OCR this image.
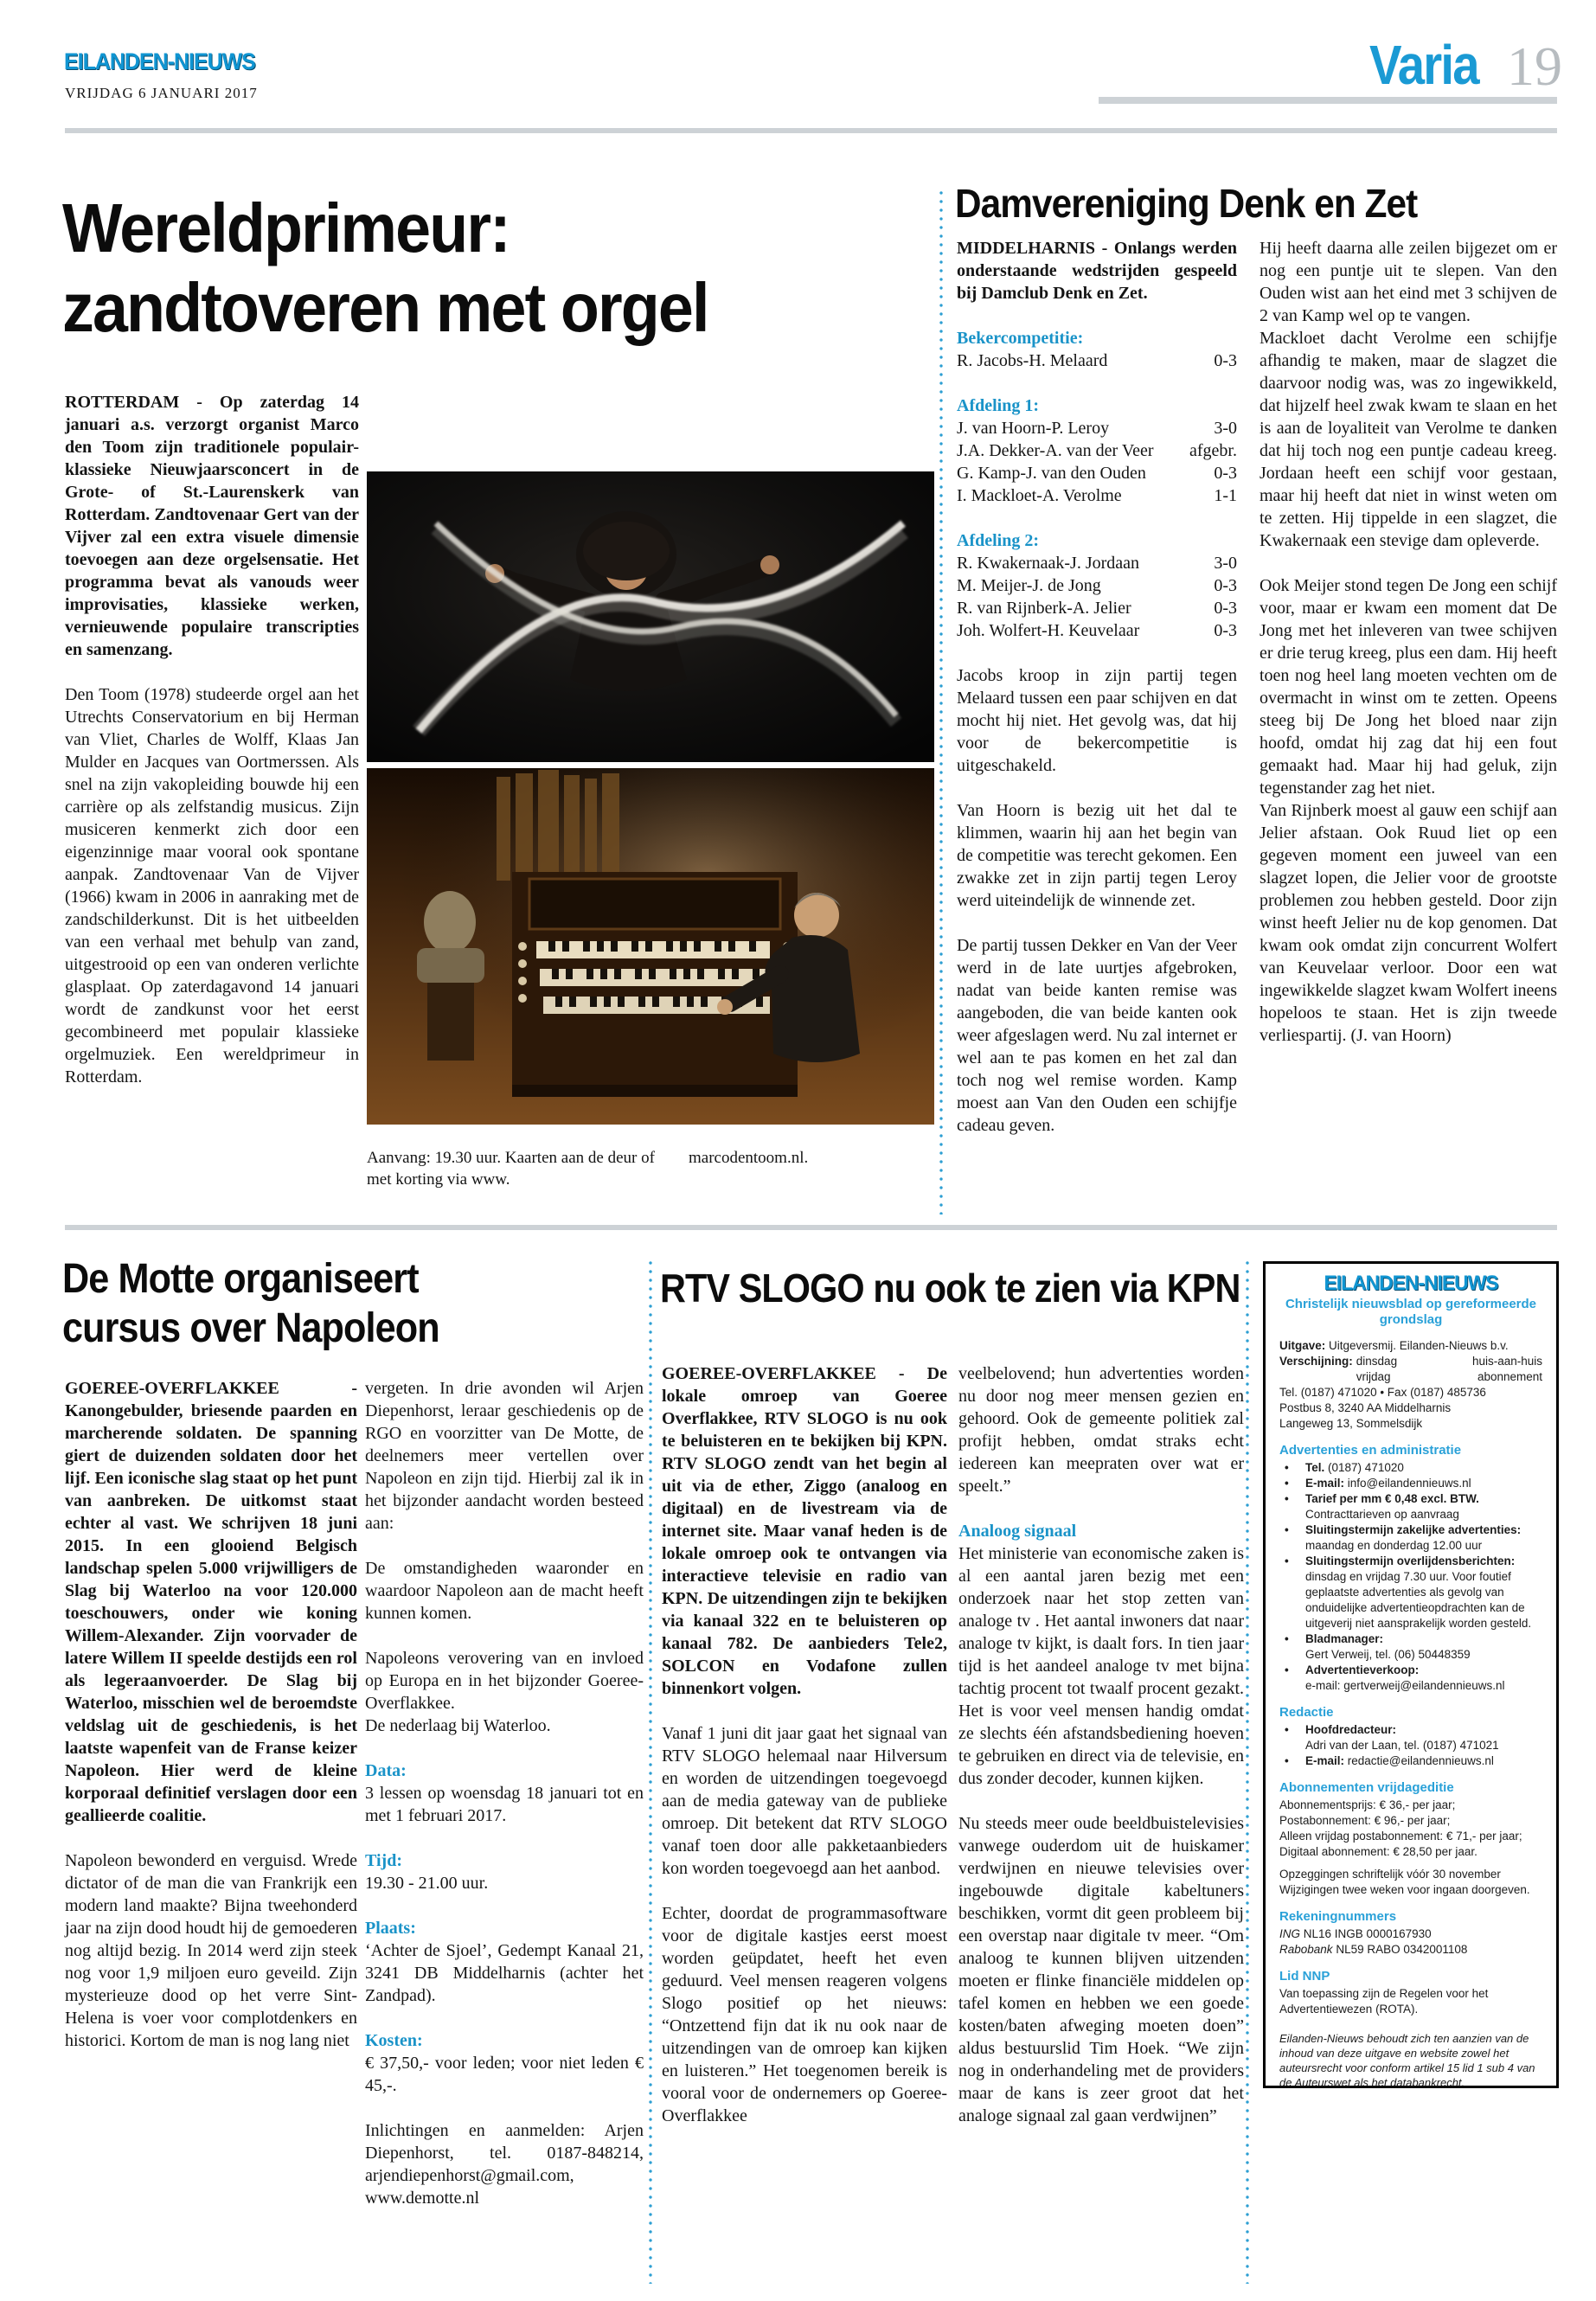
EILANDEN-NIEUWS
VRIJDAG 6 JANUARI 2017	Varia 19
Wereldprimeur:
zandtoveren met orgel

ROTTERDAM - Op zaterdag 14 januari a.s. verzorgt organist Marco den Toom zijn traditionele populair-klassieke Nieuwjaarsconcert in de Grote- of St.-Laurenskerk van Rotterdam. Zandtovenaar Gert van der Vijver zal een extra visuele dimensie toevoegen aan deze orgelsensatie. Het programma bevat als vanouds weer improvisaties, klassieke werken, vernieuwende populaire transcripties en samenzang.

Den Toom (1978) studeerde orgel aan het Utrechts Conservatorium en bij Herman van Vliet, Charles de Wolff, Klaas Jan Mulder en Jacques van Oortmerssen. Als snel na zijn vakopleiding bouwde hij een carrière op als zelfstandig musicus. Zijn musiceren kenmerkt zich door een eigenzinnige maar vooral ook spontane aanpak. Zandtovenaar Van de Vijver (1966) kwam in 2006 in aanraking met de zandschilderkunst. Dit is het uitbeelden van een verhaal met behulp van zand, uitgestrooid op een van onderen verlichte glasplaat. Op zaterdagavond 14 januari wordt de zandkunst voor het eerst gecombineerd met populair klassieke orgelmuziek. Een wereldprimeur in Rotterdam.

Aanvang: 19.30 uur. Kaarten aan de deur of met korting via www.
marcodentoom.nl.
Damvereniging Denk en Zet

MIDDELHARNIS - Onlangs werden onderstaande wedstrijden gespeeld bij Damclub Denk en Zet.

Bekercompetitie:
R. Jacobs-H. Melaard	0-3
Afdeling 1:
J. van Hoorn-P. Leroy	3-0
J.A. Dekker-A. van der Veer	afgebr.
G. Kamp-J. van den Ouden	0-3
I. Mackloet-A. Verolme	1-1
Afdeling 2:
R. Kwakernaak-J. Jordaan	3-0
M. Meijer-J. de Jong	0-3
R. van Rijnberk-A. Jelier	0-3
Joh. Wolfert-H. Keuvelaar	0-3

Jacobs kroop in zijn partij tegen Melaard tussen een paar schijven en dat mocht hij niet. Het gevolg was, dat hij voor de bekercompetitie is uitgeschakeld.

Van Hoorn is bezig uit het dal te klimmen, waarin hij aan het begin van de competitie was terecht gekomen. Een zwakke zet in zijn partij tegen Leroy werd uiteindelijk de winnende zet.

De partij tussen Dekker en Van der Veer werd in de late uurtjes afgebroken, nadat van beide kanten remise was aangeboden, die van beide kanten ook weer afgeslagen werd. Nu zal internet er wel aan te pas komen en het zal dan toch nog wel remise worden. Kamp moest aan Van den Ouden een schijfje cadeau geven.

Hij heeft daarna alle zeilen bijgezet om er nog een puntje uit te slepen. Van den Ouden wist aan het eind met 3 schijven de 2 van Kamp wel op te vangen.

Mackloet dacht Verolme een schijfje afhandig te maken, maar de slagzet die daarvoor nodig was, was zo ingewikkeld, dat hijzelf heel zwak kwam te slaan en het is aan de loyaliteit van Verolme te danken dat hij toch nog een puntje cadeau kreeg. Jordaan heeft een schijf voor gestaan, maar hij heeft dat niet in winst weten om te zetten. Hij tippelde in een slagzet, die Kwakernaak een stevige dam opleverde.

Ook Meijer stond tegen De Jong een schijf voor, maar er kwam een moment dat De Jong met het inleveren van twee schijven er drie terug kreeg, plus een dam. Hij heeft toen nog heel lang moeten vechten om de overmacht in winst om te zetten. Opeens steeg bij De Jong het bloed naar zijn hoofd, omdat hij zag dat hij een fout gemaakt had. Maar hij had geluk, zijn tegenstander zag het niet.

Van Rijnberk moest al gauw een schijf aan Jelier afstaan. Ook Ruud liet op een gegeven moment een juweel van een slagzet lopen, die Jelier voor de grootste problemen zou hebben gesteld. Door zijn winst heeft Jelier nu de kop genomen. Dat kwam ook omdat zijn concurrent Wolfert van Keuvelaar verloor. Door een wat ingewikkelde slagzet kwam Wolfert ineens hopeloos te staan. Het is zijn tweede verliespartij. (J. van Hoorn)

De Motte organiseert
cursus over Napoleon

GOEREE-OVERFLAKKEE - Kanongebulder, briesende paarden en marcherende soldaten. De spanning giert de duizenden soldaten door het lijf. Een iconische slag staat op het punt van aanbreken. De uitkomst staat echter al vast. We schrijven 18 juni 2015. In een glooiend Belgisch landschap spelen 5.000 vrijwilligers de Slag bij Waterloo na voor 120.000 toeschouwers, onder wie koning Willem-Alexander. Zijn voorvader de latere Willem II speelde destijds een rol als legeraanvoerder. De Slag bij Waterloo, misschien wel de beroemdste veldslag uit de geschiedenis, is het laatste wapenfeit van de Franse keizer Napoleon. Hier werd de kleine korporaal definitief verslagen door een geallieerde coalitie.

Napoleon bewonderd en verguisd. Wrede dictator of de man die van Frankrijk een modern land maakte? Bijna tweehonderd jaar na zijn dood houdt hij de gemoederen nog altijd bezig. In 2014 werd zijn steek nog voor 1,9 miljoen euro geveild. Zijn mysterieuze dood op het verre Sint-Helena is voer voor complotdenkers en historici. Kortom de man is nog lang niet

vergeten. In drie avonden wil Arjen Diepenhorst, leraar geschiedenis op de RGO en voorzitter van De Motte, de deelnemers meer vertellen over Napoleon en zijn tijd. Hierbij zal ik in het bijzonder aandacht worden besteed aan:

De omstandigheden waaronder en waardoor Napoleon aan de macht heeft kunnen komen.

Napoleons verovering van en invloed op Europa en in het bijzonder Goeree-Overflakkee.

De nederlaag bij Waterloo.

Data:

3 lessen op woensdag 18 januari tot en met 1 februari 2017.

Tijd:

19.30 - 21.00 uur.

Plaats:

‘Achter de Sjoel’, Gedempt Kanaal 21, 3241 DB Middelharnis (achter het Zandpad).

Kosten:

€ 37,50,- voor leden; voor niet leden € 45,-.

Inlichtingen en aanmelden: Arjen Diepenhorst, tel. 0187-848214, arjendiepenhorst@gmail.com, www.demotte.nl

RTV SLOGO nu ook te zien via KPN

GOEREE-OVERFLAKKEE - De lokale omroep van Goeree Overflakkee, RTV SLOGO is nu ook te beluisteren en te bekijken bij KPN. RTV SLOGO zendt van het begin al uit via de ether, Ziggo (analoog en digitaal) en de livestream via de internet site. Maar vanaf heden is de lokale omroep ook te ontvangen via interactieve televisie en radio van KPN. De uitzendingen zijn te bekijken via kanaal 322 en te beluisteren op kanaal 782. De aanbieders Tele2, SOLCON en Vodafone zullen binnenkort volgen.

Vanaf 1 juni dit jaar gaat het signaal van RTV SLOGO helemaal naar Hilversum en worden de uitzendingen toegevoegd aan de media gateway van de publieke omroep. Dit betekent dat RTV SLOGO vanaf toen door alle pakketaanbieders kon worden toegevoegd aan het aanbod.

Echter, doordat de programmasoftware voor de digitale kastjes eerst moest worden geüpdatet, heeft het even geduurd. Veel mensen reageren volgens Slogo positief op het nieuws: “Ontzettend fijn dat ik nu ook naar de uitzendingen van de omroep kan kijken en luisteren.” Het toegenomen bereik is vooral voor de ondernemers op Goeree-Overflakkee

veelbelovend; hun advertenties worden nu door nog meer mensen gezien en gehoord. Ook de gemeente politiek zal profijt hebben, omdat straks echt iedereen kan meepraten over wat er speelt.”

Analoog signaal

Het ministerie van economische zaken is al een aantal jaren bezig met een onderzoek naar het stop zetten van analoge tv . Het aantal inwoners dat naar analoge tv kijkt, is daalt fors. In tien jaar tijd is het aandeel analoge tv met bijna tachtig procent tot twaalf procent gezakt. Het is voor veel mensen handig omdat ze slechts één afstandsbediening hoeven te gebruiken en direct via de televisie, en dus zonder decoder, kunnen kijken.

Nu steeds meer oude beeldbuistelevisies vanwege ouderdom uit de huiskamer verdwijnen en nieuwe televisies over ingebouwde digitale kabeltuners beschikken, vormt dit geen probleem bij een overstap naar digitale tv meer. “Om analoog te kunnen blijven uitzenden moeten er flinke financiële middelen op tafel komen en hebben we een goede kosten/baten afweging moeten doen” aldus bestuurslid Tim Hoek. “We zijn nog in onderhandeling met de providers maar de kans is zeer groot dat het analoge signaal zal gaan verdwijnen”

EILANDEN-NIEUWS
Christelijk nieuwsblad op gereformeerde grondslag
Uitgave: Uitgeversmij. Eilanden-Nieuws b.v.
Verschijning: dinsdag	huis-aan-huis
vrijdag	abonnement
Tel. (0187) 471020 • Fax (0187) 485736
Postbus 8, 3240 AA Middelharnis
Langeweg 13, Sommelsdijk
Advertenties en administratie
• Tel. (0187) 471020
• E-mail: info@eilandennieuws.nl
• Tarief per mm € 0,48 excl. BTW.
Contracttarieven op aanvraag
• Sluitingstermijn zakelijke advertenties:
maandag en donderdag 12.00 uur
• Sluitingstermijn overlijdensberichten:
dinsdag en vrijdag 7.30 uur. Voor foutief geplaatste advertenties als gevolg van onduidelijke advertentieopdrachten kan de uitgeverij niet aansprakelijk worden gesteld.
• Bladmanager:
Gert Verweij, tel. (06) 50448359
• Advertentieverkoop:
e-mail: gertverweij@eilandennieuws.nl
Redactie
• Hoofdredacteur:
Adri van der Laan, tel. (0187) 471021
• E-mail: redactie@eilandennieuws.nl
Abonnementen vrijdageditie
Abonnementsprijs: € 36,- per jaar;
Postabonnement: € 96,- per jaar;
Alleen vrijdag postabonnement: € 71,- per jaar;
Digitaal abonnement: € 28,50 per jaar.
Opzeggingen schriftelijk vóór 30 november
Wijzigingen twee weken voor ingaan doorgeven.
Rekeningnummers
ING NL16 INGB 0000167930
Rabobank NL59 RABO 0342001108
Lid NNP
Van toepassing zijn de Regelen voor het Advertentiewezen (ROTA).
Eilanden-Nieuws behoudt zich ten aanzien van de inhoud van deze uitgave en website zowel het auteursrecht voor conform artikel 15 lid 1 sub 4 van de Auteurswet als het databankrecht.
